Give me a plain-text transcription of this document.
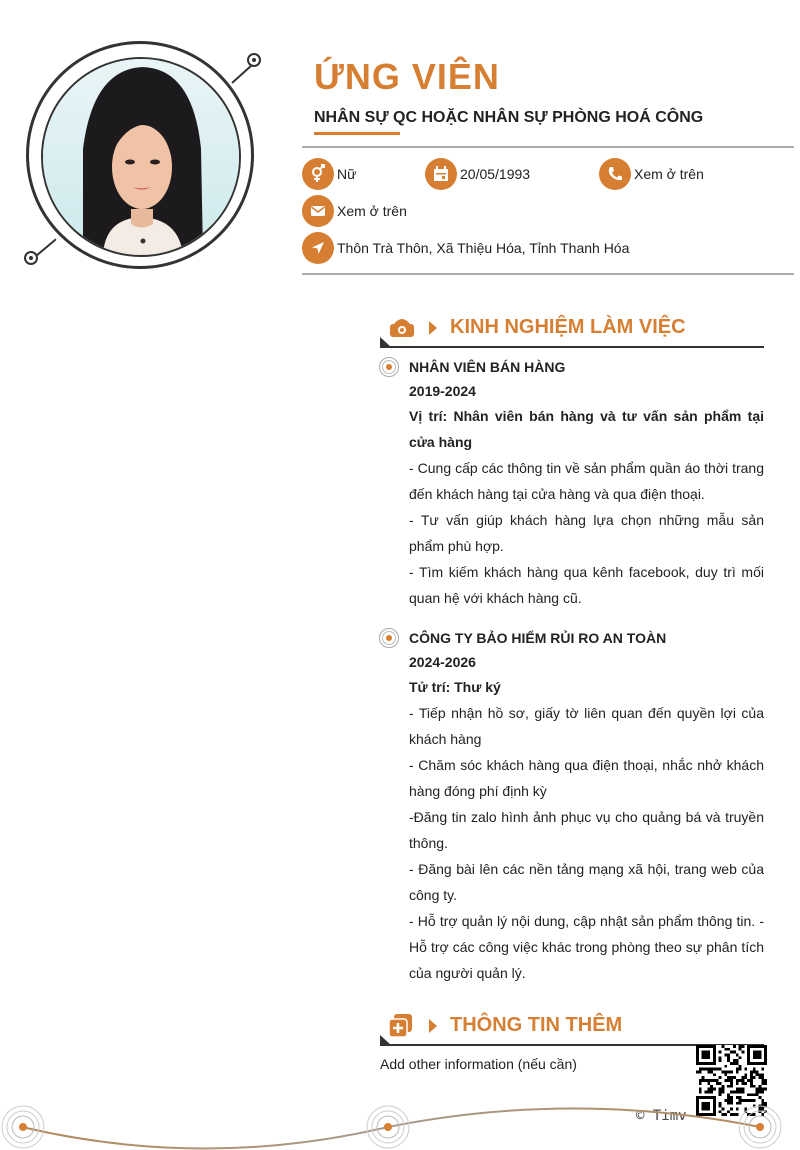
ỨNG VIÊN
NHÂN SỰ QC HOẶC NHÂN SỰ PHÒNG HOÁ CÔNG
Nữ	20/05/1993	Xem ở trên
Xem ở trên
Thôn Trà Thôn, Xã Thiệu Hóa, Tỉnh Thanh Hóa
KINH NGHIỆM LÀM VIỆC
NHÂN VIÊN BÁN HÀNG
2019-2024
Vị trí: Nhân viên bán hàng và tư vấn sản phẩm tại cửa hàng
- Cung cấp các thông tin về sản phẩm quần áo thời trang đến khách hàng tại cửa hàng và qua điện thoại.
- Tư vấn giúp khách hàng lựa chọn những mẫu sản phẩm phù hợp.
- Tìm kiếm khách hàng qua kênh facebook, duy trì mối quan hệ với khách hàng cũ.
CÔNG TY BẢO HIỂM RỦI RO AN TOÀN
2024-2026
Tử trí: Thư ký
- Tiếp nhận hồ sơ, giấy tờ liên quan đến quyền lợi của khách hàng
- Chăm sóc khách hàng qua điện thoại, nhắc nhở khách hàng đóng phí định kỳ
-Đăng tin zalo hình ảnh phục vụ cho quảng bá và truyền thông.
- Đăng bài lên các nền tảng mạng xã hội, trang web của công ty.
- Hỗ trợ quản lý nội dung, cập nhật sản phẩm thông tin. - Hỗ trợ các công việc khác trong phòng theo sự phân tích của người quản lý.
THÔNG TIN THÊM
Add other information (nếu cần)
© Timv
